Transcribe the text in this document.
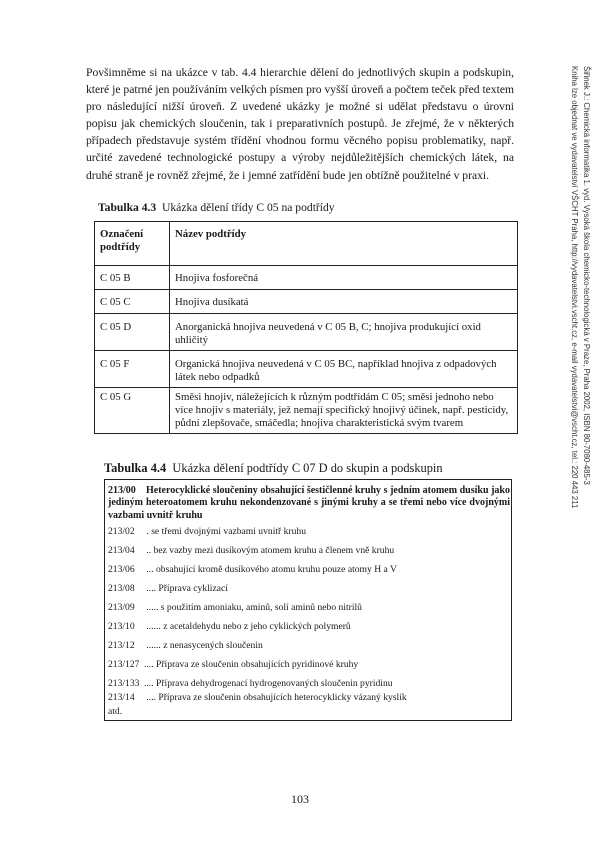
Povšimněme si na ukázce v tab. 4.4 hierarchie dělení do jednotlivých skupin a podskupin, které je patrné jen používáním velkých písmen pro vyšší úroveň a počtem teček před textem pro následující nižší úroveň. Z uvedené ukázky je možné si udělat představu o úrovni popisu jak chemických sloučenin, tak i preparativních postupů. Je zřejmé, že v některých případech představuje systém třídění vhodnou formu věcného popisu problematiky, např. určité zavedené technologické postupy a výroby nejdůležitějších chemických látek, na druhé straně je rovněž zřejmé, že i jemné zatřídění bude jen obtížně použitelné v praxi.
Tabulka 4.3 Ukázka dělení třídy C 05 na podtřídy
Označení podtřídy	Název podtřídy
C 05 B	Hnojiva fosforečná
C 05 C	Hnojiva dusíkatá
C 05 D	Anorganická hnojiva neuvedená v C 05 B, C; hnojiva produkující oxid uhličitý
C 05 F	Organická hnojiva neuvedená v C 05 BC, například hnojiva z odpadových látek nebo odpadků
C 05 G	Směsi hnojiv, náležejících k různým podtřídám C 05; směsi jednoho nebo více hnojiv s materiály, jež nemají specifický hnojivý účinek, např. pesticidy, půdní zlepšovače, smáčedla; hnojiva charakteristická svým tvarem
Tabulka 4.4 Ukázka dělení podtřídy C 07 D do skupin a podskupin
213/00 Heterocyklické sloučeniny obsahující šestičlenné kruhy s jedním atomem dusíku jako jediným heteroatomem kruhu nekondenzované s jinými kruhy a se třemi nebo více dvojnými vazbami uvnitř kruhu
213/02 . se třemi dvojnými vazbami uvnitř kruhu
213/04 .. bez vazby mezi dusíkovým atomem kruhu a členem vně kruhu
213/06 ... obsahující kromě dusíkového atomu kruhu pouze atomy H a V
213/08 .... Příprava cyklizací
213/09 ..... s použitím amoniaku, aminů, solí aminů nebo nitrilů
213/10 ...... z acetaldehydu nebo z jeho cyklických polymerů
213/12 ...... z nenasycených sloučenin
213/127 .... Příprava ze sloučenin obsahujících pyridinové kruhy
213/133 .... Příprava dehydrogenací hydrogenovaných sloučenin pyridinu
213/14 .... Příprava ze sloučenin obsahujících heterocyklicky vázaný kyslík
atd.
Šiřinek J.: Chemická informatika 1. vyd. Vysoká škola chemicko-technologická v Praze, Praha 2002, ISBN 80-7080-485-3
Kniha lze objednat ve vydavatelství VŠCHT Praha, http://vydavatelstvi.vscht.cz, e-mail vydavatelstvi@vscht.cz, tel.: 220 443 211
103
